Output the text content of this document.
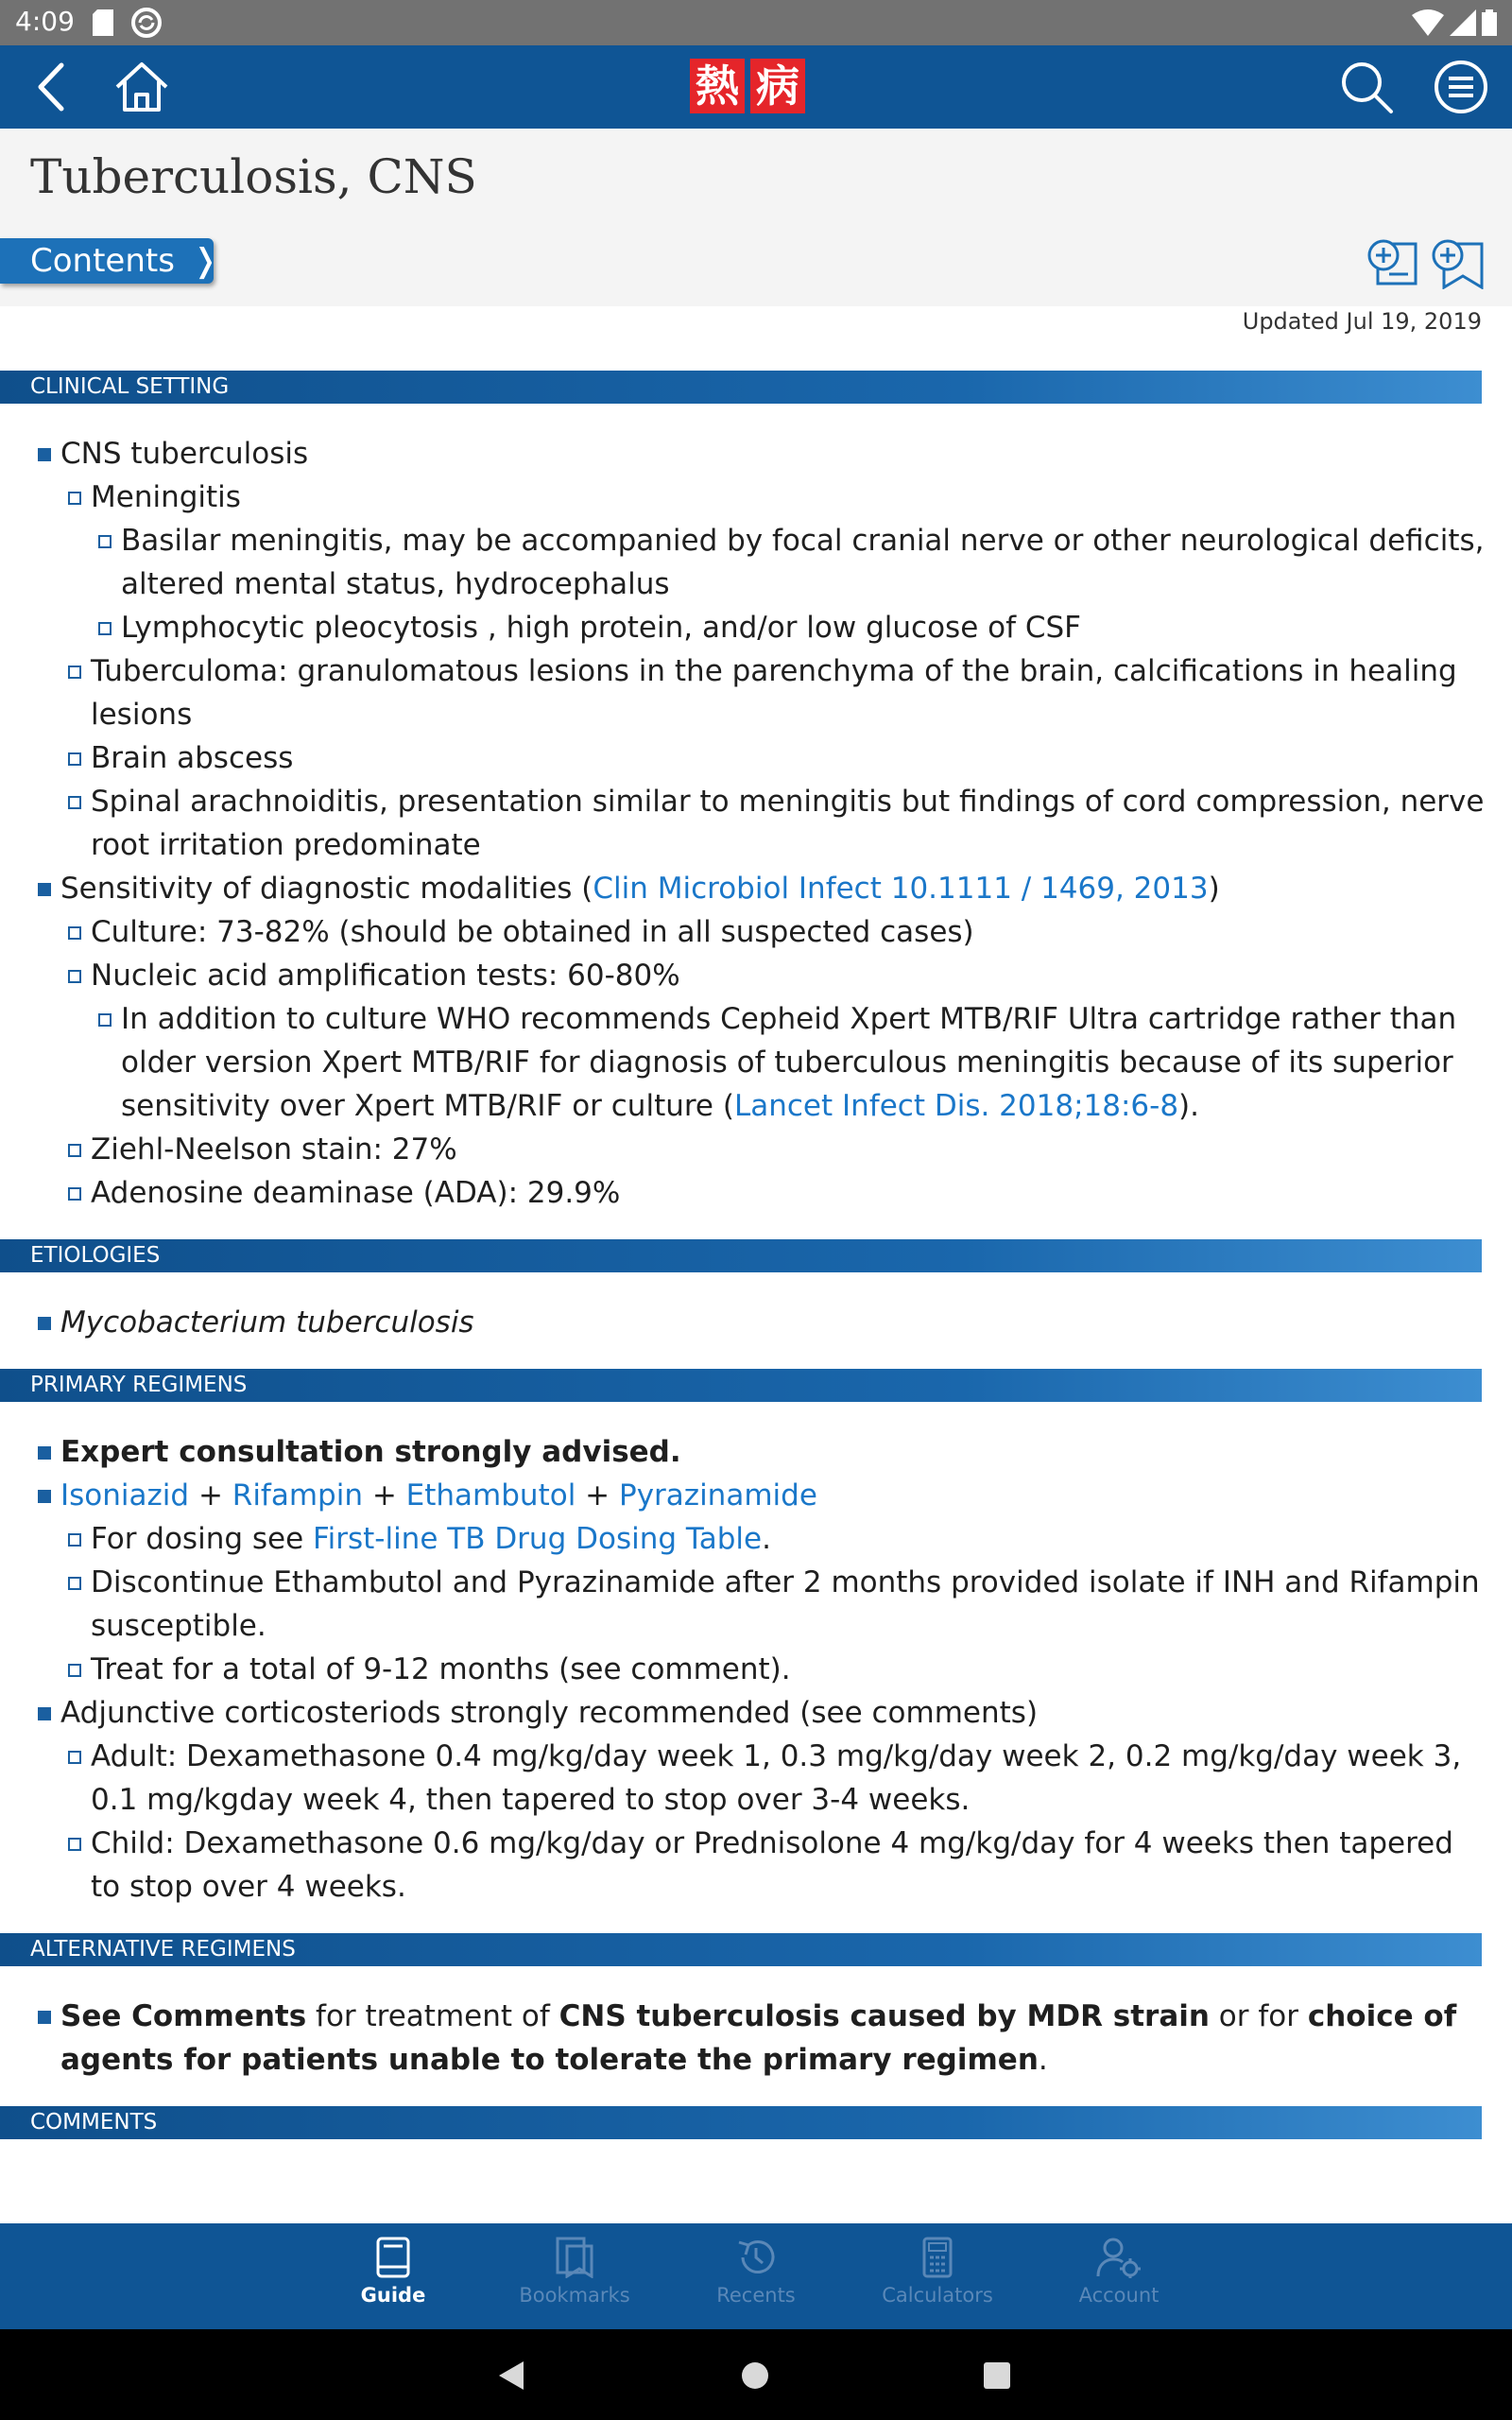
4:09
熱 病
Tuberculosis, CNS
Contents ❭
Updated Jul 19, 2019
CLINICAL SETTING
CNS tuberculosis
Meningitis
Basilar meningitis, may be accompanied by focal cranial nerve or other neurological deficits, altered mental status, hydrocephalus
Lymphocytic pleocytosis , high protein, and/or low glucose of CSF
Tuberculoma: granulomatous lesions in the parenchyma of the brain, calcifications in healing lesions
Brain abscess
Spinal arachnoiditis, presentation similar to meningitis but findings of cord compression, nerve root irritation predominate
Sensitivity of diagnostic modalities (Clin Microbiol Infect 10.1111 / 1469, 2013)
Culture: 73-82% (should be obtained in all suspected cases)
Nucleic acid amplification tests: 60-80%
In addition to culture WHO recommends Cepheid Xpert MTB/RIF Ultra cartridge rather than older version Xpert MTB/RIF for diagnosis of tuberculous meningitis because of its superior sensitivity over Xpert MTB/RIF or culture (Lancet Infect Dis. 2018;18:6-8).
Ziehl-Neelson stain: 27%
Adenosine deaminase (ADA): 29.9%
ETIOLOGIES
Mycobacterium tuberculosis
PRIMARY REGIMENS
Expert consultation strongly advised.
Isoniazid + Rifampin + Ethambutol + Pyrazinamide
For dosing see First-line TB Drug Dosing Table.
Discontinue Ethambutol and Pyrazinamide after 2 months provided isolate if INH and Rifampin susceptible.
Treat for a total of 9-12 months (see comment).
Adjunctive corticosteriods strongly recommended (see comments)
Adult: Dexamethasone 0.4 mg/kg/day week 1, 0.3 mg/kg/day week 2, 0.2 mg/kg/day week 3, 0.1 mg/kgday week 4, then tapered to stop over 3-4 weeks.
Child: Dexamethasone 0.6 mg/kg/day or Prednisolone 4 mg/kg/day for 4 weeks then tapered to stop over 4 weeks.
ALTERNATIVE REGIMENS
See Comments for treatment of CNS tuberculosis caused by MDR strain or for choice of agents for patients unable to tolerate the primary regimen.
COMMENTS
Guide	Bookmarks	Recents	Calculators	Account
